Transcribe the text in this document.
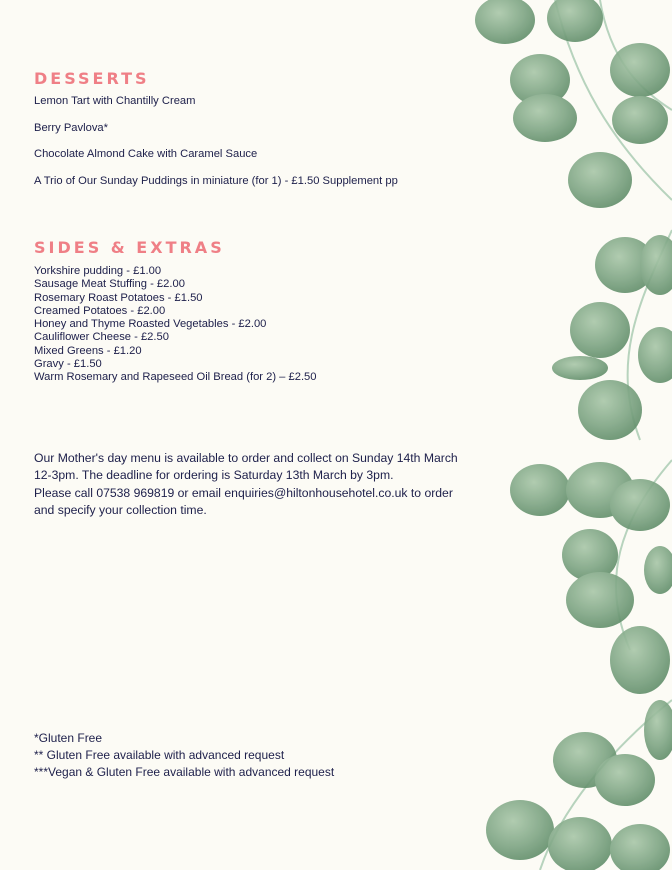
DESSERTS

Lemon Tart with Chantilly Cream

Berry Pavlova*

Chocolate Almond Cake with Caramel Sauce

A Trio of Our Sunday Puddings in miniature (for 1) - £1.50 Supplement pp

SIDES & EXTRAS
Yorkshire pudding - £1.00
Sausage Meat Stuffing - £2.00
Rosemary Roast Potatoes - £1.50
Creamed Potatoes - £2.00
Honey and Thyme Roasted Vegetables - £2.00
Cauliflower Cheese - £2.50
Mixed Greens - £1.20
Gravy - £1.50
Warm Rosemary and Rapeseed Oil Bread (for 2) – £2.50

Our Mother's day menu is available to order and collect on Sunday 14th March
12-3pm. The deadline for ordering is Saturday 13th March by 3pm.
Please call 07538 969819 or email enquiries@hiltonhousehotel.co.uk to order
and specify your collection time.

*Gluten Free
** Gluten Free available with advanced request
***Vegan & Gluten Free available with advanced request
